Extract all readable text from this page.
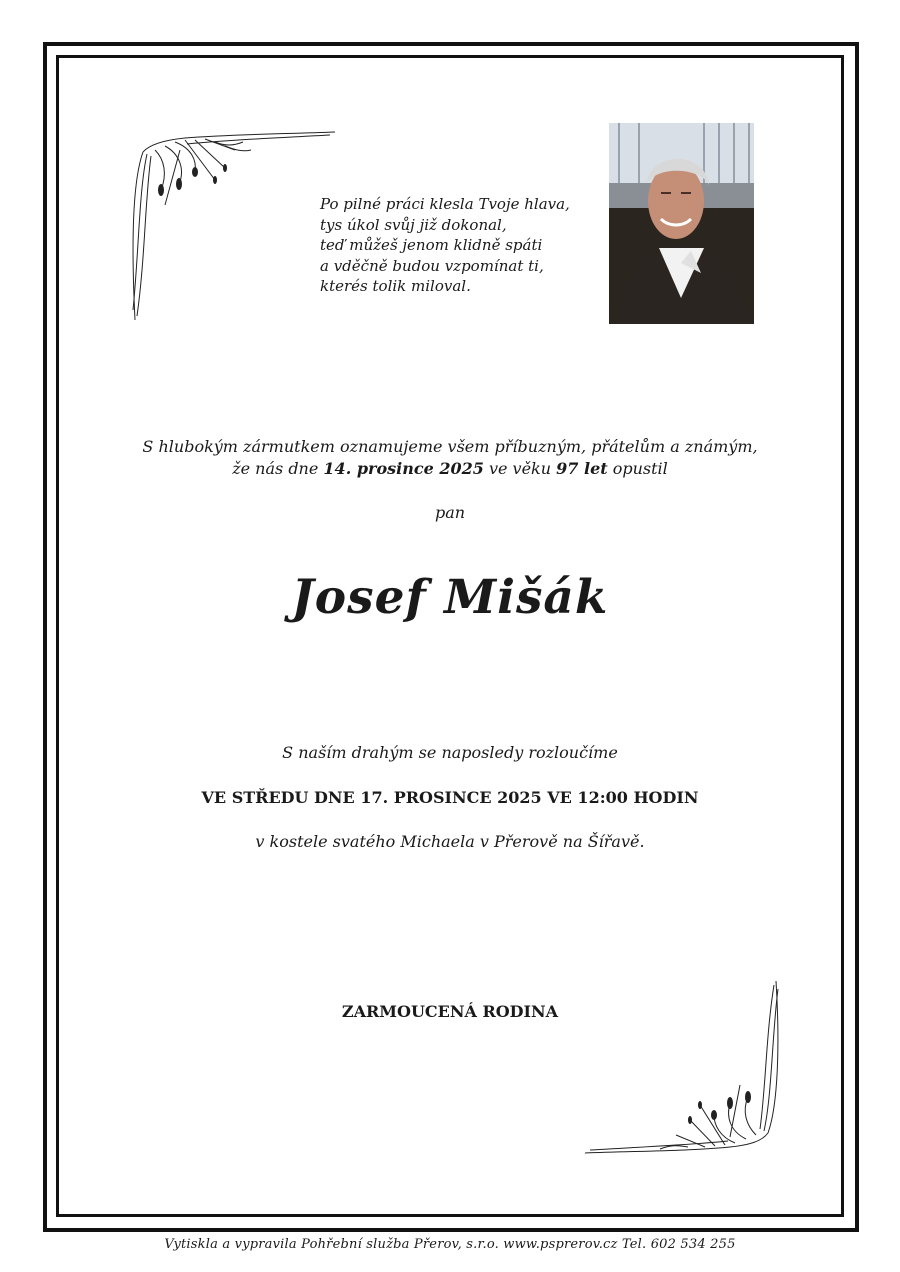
Po pilné práci klesla Tvoje hlava,
tys úkol svůj již dokonal,
teď můžeš jenom klidně spáti
a vděčně budou vzpomínat ti,
kterés tolik miloval.
S hlubokým zármutkem oznamujeme všem příbuzným, přátelům a známým,
že nás dne 14. prosince 2025 ve věku 97 let opustil
pan
Josef Mišák
S naším drahým se naposledy rozloučíme
VE STŘEDU DNE 17. PROSINCE 2025 VE 12:00 HODIN
v kostele svatého Michaela v Přerově na Šířavě.
ZARMOUCENÁ RODINA
Vytiskla a vypravila Pohřební služba Přerov, s.r.o. www.psprerov.cz Tel. 602 534 255
